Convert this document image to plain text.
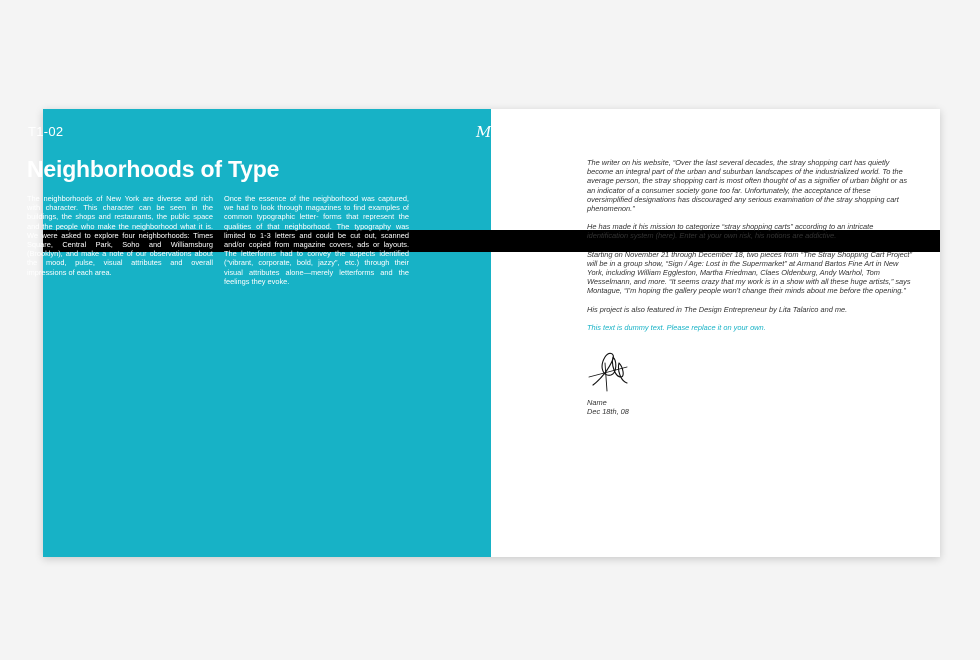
T1-02	My experience:
Neighborhoods of Type
The neighborhoods of New York are diverse and rich with character. This character can be seen in the buildings, the shops and restaurants, the public space and the people who make the neighborhood what it is. We were asked to explore four neighborhoods: Times Square, Central Park, Soho and Williamsburg (Brooklyn), and make a note of our observations about the mood, pulse, visual attributes and overall impressions of each area.
Once the essence of the neighborhood was captured, we had to look through magazines to find examples of common typographic letter- forms that represent the qualities of that neighborhood. The typography was limited to 1-3 letters and could be cut out, scanned and/or copied from magazine covers, ads or layouts. The letterforms had to convey the aspects identified (“vibrant, corporate, bold, jazzy”, etc.) through their visual attributes alone—merely letterforms and the feelings they evoke.

The writer on his website, “Over the last several decades, the stray shopping cart has quietly become an integral part of the urban and suburban landscapes of the industrialized world. To the average person, the stray shopping cart is most often thought of as a signifier of urban blight or as an indicator of a consumer society gone too far. Unfortunately, the acceptance of these oversimplified designations has discouraged any serious examination of the stray shopping cart phenomenon.”

He has made it his mission to categorize “stray shopping carts” according to an intricate identification system (here). Enter at your own risk, his notions are addictive.

Starting on November 21 through December 18, two pieces from “The Stray Shopping Cart Project” will be in a group show, “Sign / Age: Lost in the Supermarket” at Armand Bartos Fine Art in New York, including William Eggleston, Martha Friedman, Claes Oldenburg, Andy Warhol, Tom Wesselmann, and more. “It seems crazy that my work is in a show with all these huge artists,” says Montague, “I’m hoping the gallery people won’t change their minds about me before the opening.”

His project is also featured in The Design Entrepreneur by Lita Talarico and me.

This text is dummy text. Please replace it on your own.

Name
Dec 18th, 08
